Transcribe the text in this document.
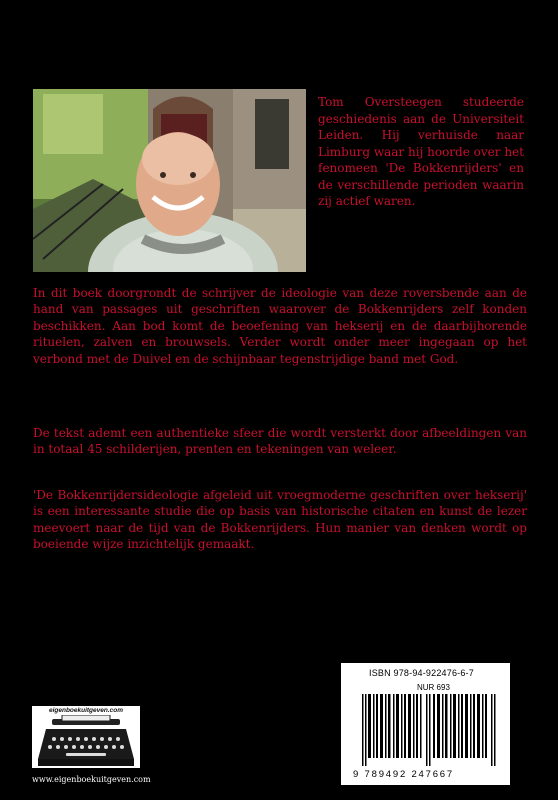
Tom Oversteegen studeerde geschiedenis aan de Universiteit Leiden. Hij verhuisde naar Limburg waar hij hoorde over het fenomeen 'De Bokkenrijders' en de verschillende perioden waarin zij actief waren.

In dit boek doorgrondt de schrijver de ideologie van deze roversbende aan de hand van passages uit geschriften waarover de Bokkenrijders zelf konden beschikken. Aan bod komt de beoefening van hekserij en de daarbijhorende rituelen, zalven en brouwsels. Verder wordt onder meer ingegaan op het verbond met de Duivel en de schijnbaar tegenstrijdige band met God.

De tekst ademt een authentieke sfeer die wordt versterkt door afbeeldingen van in totaal 45 schilderijen, prenten en tekeningen van weleer.

'De Bokkenrijdersideologie afgeleid uit vroegmoderne geschriften over hekserij' is een interessante studie die op basis van historische citaten en kunst de lezer meevoert naar de tijd van de Bokkenrijders. Hun manier van denken wordt op boeiende wijze inzichtelijk gemaakt.

ISBN 978-94-922476-6-7

NUR 693

9 789492 247667

eigenboekuitgeven.com

www.eigenboekuitgeven.com
